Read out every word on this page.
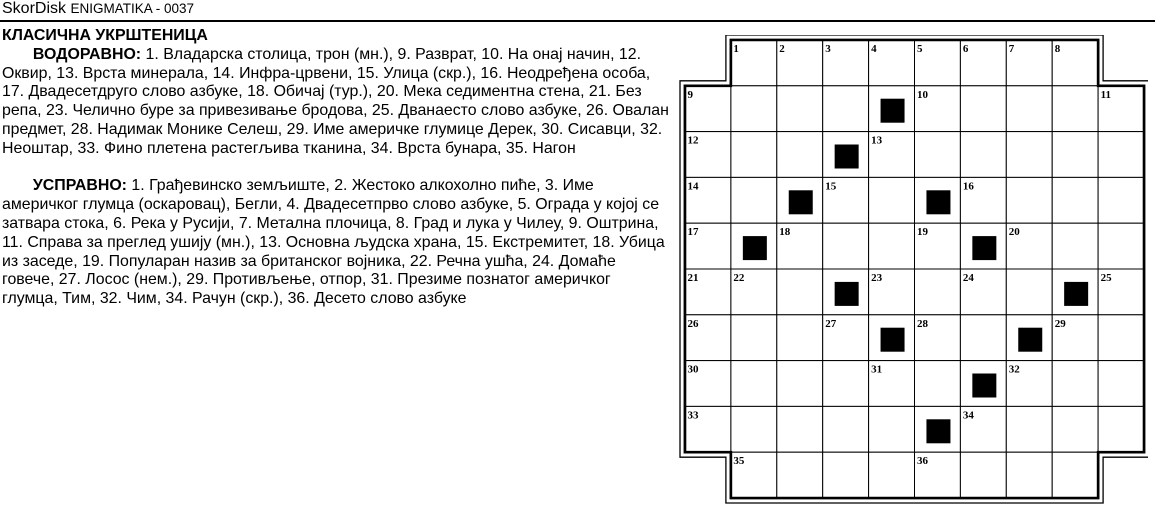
SkorDisk ENIGMATIKA - 0037
КЛАСИЧНА УКРШТЕНИЦА

ВОДОРАВНО: 1. Владарска столица, трон (мн.), 9. Разврат, 10. На онај начин, 12. Оквир, 13. Врста минерала, 14. Инфра-црвени, 15. Улица (скр.), 16. Неодређена особа, 17. Двадесетдруго слово азбуке, 18. Обичај (тур.), 20. Мека седиментна стена, 21. Без репа, 23. Челично буре за привезивање бродова, 25. Дванаесто слово азбуке, 26. Овалан предмет, 28. Надимак Монике Селеш, 29. Име америчке глумице Дерек, 30. Сисавци, 32. Неоштар, 33. Фино плетена растегљива тканина, 34. Врста бунара, 35. Нагон

УСПРАВНО: 1. Грађевинско земљиште, 2. Жестоко алкохолно пиће, 3. Име америчког глумца (оскаровац), Бегли, 4. Двадесетпрво слово азбуке, 5. Ограда у којој се затвара стока, 6. Река у Русији, 7. Метална плочица, 8. Град и лука у Чилеу, 9. Оштрина, 11. Справа за преглед ушију (мн.), 13. Основна људска храна, 15. Екстремитет, 18. Убица из заседе, 19. Популаран назив за британског војника, 22. Речна ушћа, 24. Домаће говече, 27. Лосос (нем.), 29. Противљење, отпор, 31. Презиме познатог америчког глумца, Тим, 32. Чим, 34. Рачун (скр.), 36. Десето слово азбуке

1	2	3	4	5	6	7	8
9	10	11
12	13
14	15	16
17	18	19	20
21	22	23	24	25
26	27	28	29
30	31	32
33	34
35	36
